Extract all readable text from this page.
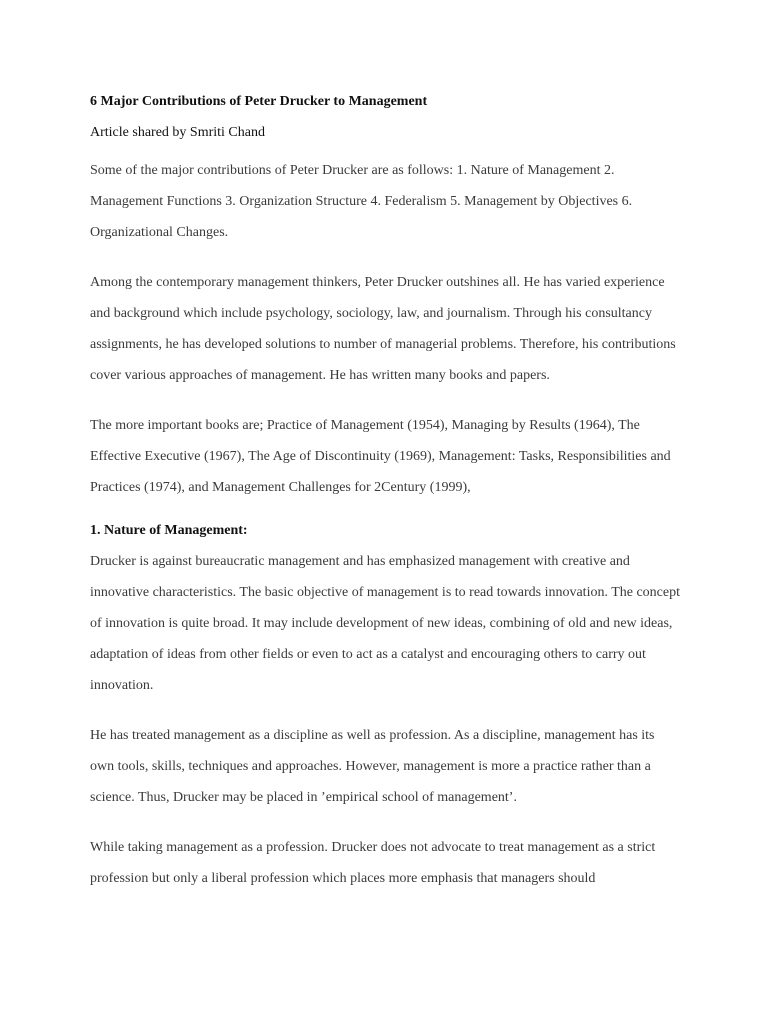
6 Major Contributions of Peter Drucker to Management

Article shared by Smriti Chand

Some of the major contributions of Peter Drucker are as follows: 1. Nature of Management 2. Management Functions 3. Organization Structure 4. Federalism 5. Management by Objectives 6. Organizational Changes.

Among the contemporary management thinkers, Peter Drucker outshines all. He has varied experience and background which include psychology, sociology, law, and journalism. Through his consultancy assignments, he has developed solutions to number of managerial problems. Therefore, his contributions cover various approaches of management. He has written many books and papers.

The more important books are; Practice of Management (1954), Managing by Results (1964), The Effective Executive (1967), The Age of Discontinuity (1969), Management: Tasks, Responsibilities and Practices (1974), and Management Challenges for 2Century (1999),

1. Nature of Management:

Drucker is against bureaucratic management and has emphasized management with creative and innovative characteristics. The basic objective of management is to read towards innovation. The concept of innovation is quite broad. It may include development of new ideas, combining of old and new ideas, adaptation of ideas from other fields or even to act as a catalyst and encouraging others to carry out innovation.

He has treated management as a discipline as well as profession. As a discipline, management has its own tools, skills, techniques and approaches. However, management is more a practice rather than a science. Thus, Drucker may be placed in ’empirical school of management’.

While taking management as a profession. Drucker does not advocate to treat management as a strict profession but only a liberal profession which places more emphasis that managers should
